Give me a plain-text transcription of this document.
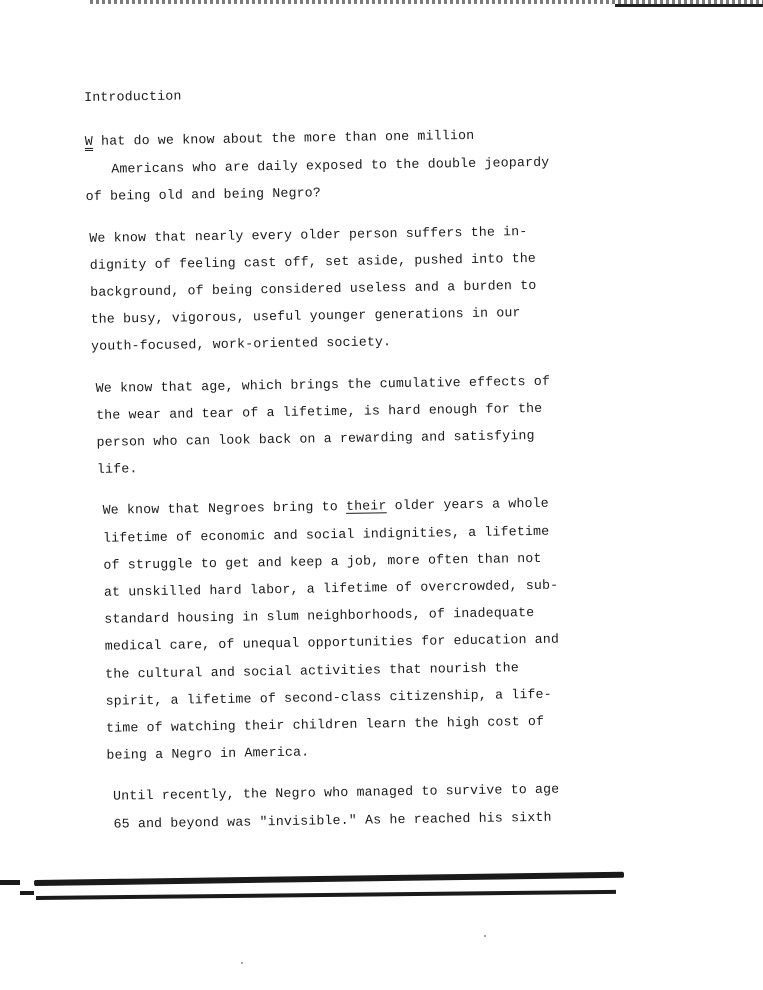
Introduction
W hat do we know about the more than one million
Americans who are daily exposed to the double jeopardy
of being old and being Negro?
We know that nearly every older person suffers the in-
dignity of feeling cast off, set aside, pushed into the
background, of being considered useless and a burden to
the busy, vigorous, useful younger generations in our
youth-focused, work-oriented society.
We know that age, which brings the cumulative effects of
the wear and tear of a lifetime, is hard enough for the
person who can look back on a rewarding and satisfying
life.
We know that Negroes bring to their older years a whole
lifetime of economic and social indignities, a lifetime
of struggle to get and keep a job, more often than not
at unskilled hard labor, a lifetime of overcrowded, sub-
standard housing in slum neighborhoods, of inadequate
medical care, of unequal opportunities for education and
the cultural and social activities that nourish the
spirit, a lifetime of second-class citizenship, a life-
time of watching their children learn the high cost of
being a Negro in America.
Until recently, the Negro who managed to survive to age
65 and beyond was "invisible." As he reached his sixth
